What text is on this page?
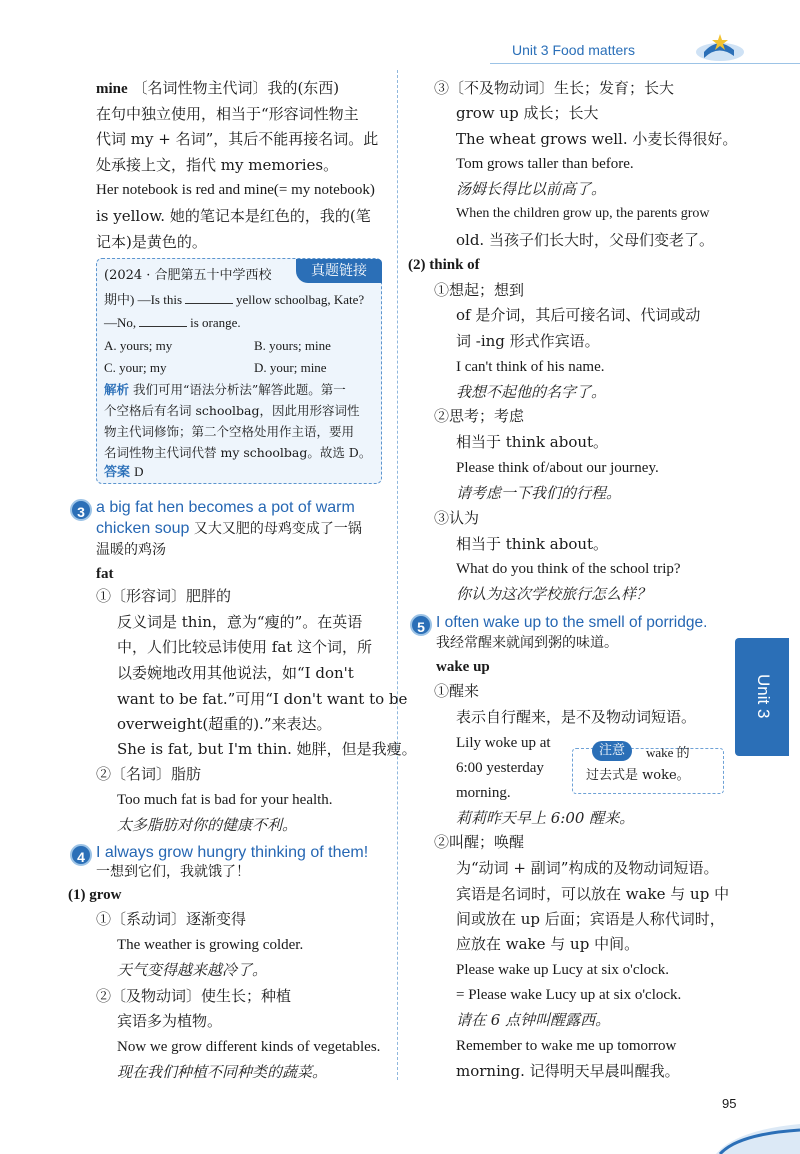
Unit 3 Food matters
Unit 3
mine 〔名词性物主代词〕我的(东西)
在句中独立使用，相当于“形容词性物主
代词 my + 名词”，其后不能再接名词。此
处承接上文，指代 my memories。
Her notebook is red and mine(= my notebook)
is yellow. 她的笔记本是红色的，我的(笔
记本)是黄色的。
真题链接
(2024 · 合肥第五十中学西校
期中) —Is this	yellow schoolbag, Kate?
—No,	is orange.
A. yours; my	B. yours; mine
C. your; my	D. your; mine
解析 我们可用“语法分析法”解答此题。第一
个空格后有名词 schoolbag，因此用形容词性
物主代词修饰；第二个空格处用作主语，要用
名词性物主代词代替 my schoolbag。故选 D。
答案 D
3 a big fat hen becomes a pot of warm
chicken soup 又大又肥的母鸡变成了一锅
温暖的鸡汤
fat
①〔形容词〕肥胖的
反义词是 thin，意为“瘦的”。在英语
中，人们比较忌讳使用 fat 这个词，所
以委婉地改用其他说法，如“I don't
want to be fat.”可用“I don't want to be
overweight(超重的).”来表达。
She is fat, but I'm thin. 她胖，但是我瘦。
②〔名词〕脂肪
Too much fat is bad for your health.
太多脂肪对你的健康不利。
4 I always grow hungry thinking of them!
一想到它们，我就饿了！
(1) grow
①〔系动词〕逐渐变得
The weather is growing colder.
天气变得越来越冷了。
②〔及物动词〕使生长；种植
宾语多为植物。
Now we grow different kinds of vegetables.
现在我们种植不同种类的蔬菜。
③〔不及物动词〕生长；发育；长大
grow up 成长；长大
The wheat grows well. 小麦长得很好。
Tom grows taller than before.
汤姆长得比以前高了。
When the children grow up, the parents grow
old. 当孩子们长大时，父母们变老了。
(2) think of
①想起；想到
of 是介词，其后可接名词、代词或动
词 -ing 形式作宾语。
I can't think of his name.
我想不起他的名字了。
②思考；考虑
相当于 think about。
Please think of/about our journey.
请考虑一下我们的行程。
③认为
相当于 think about。
What do you think of the school trip?
你认为这次学校旅行怎么样？
5 I often wake up to the smell of porridge.
我经常醒来就闻到粥的味道。
wake up
①醒来
表示自行醒来，是不及物动词短语。
Lily woke up at
6:00 yesterday
morning.
莉莉昨天早上 6:00 醒来。
注意	wake 的
过去式是 woke。
②叫醒；唤醒
为“动词 + 副词”构成的及物动词短语。
宾语是名词时，可以放在 wake 与 up 中
间或放在 up 后面；宾语是人称代词时，
应放在 wake 与 up 中间。
Please wake up Lucy at six o'clock.
= Please wake Lucy up at six o'clock.
请在 6 点钟叫醒露西。
Remember to wake me up tomorrow
morning. 记得明天早晨叫醒我。
95
